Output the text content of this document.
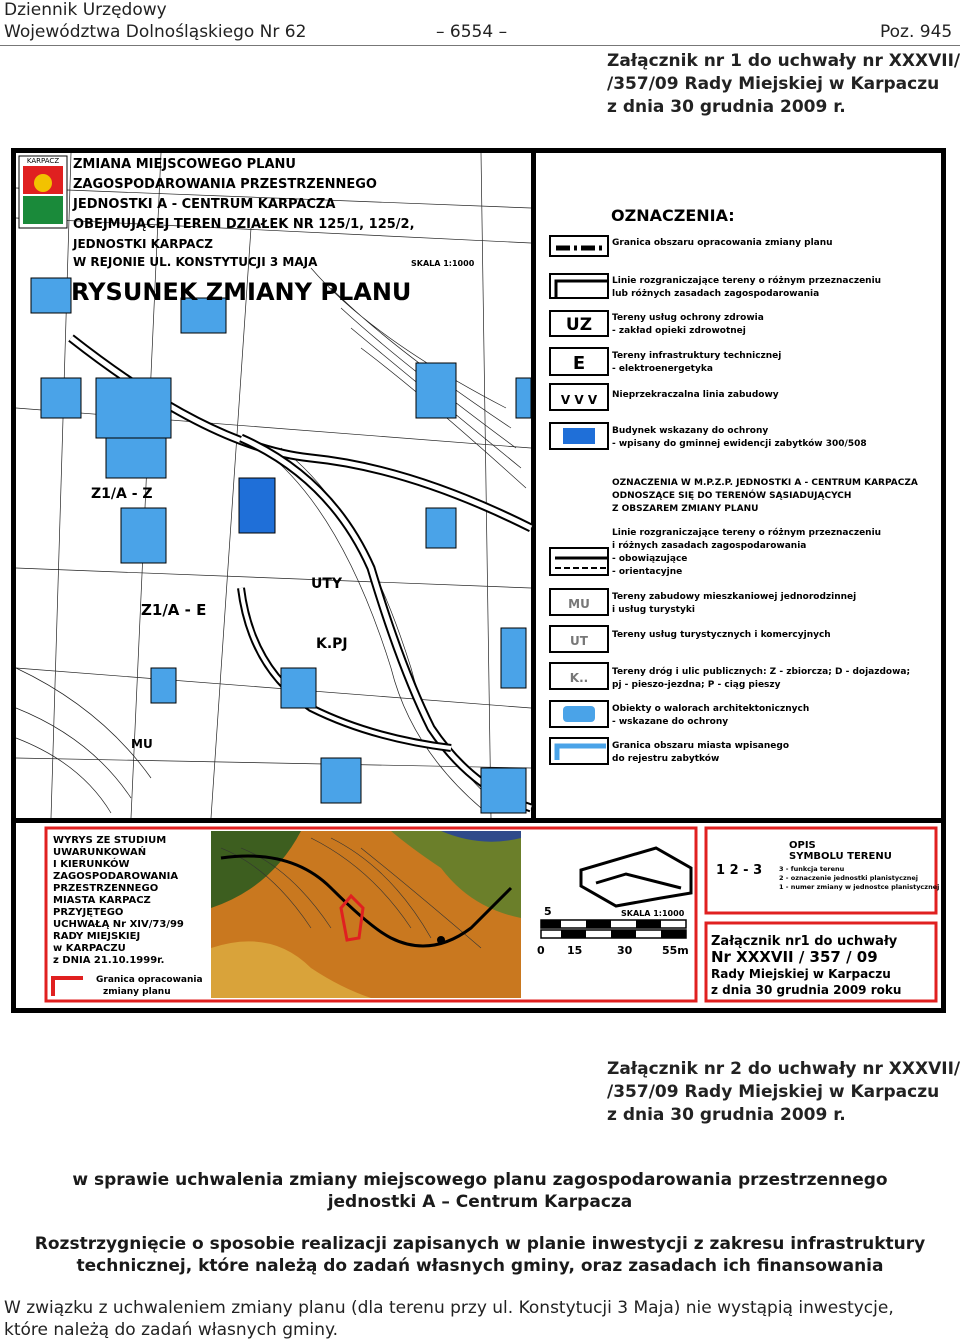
Dziennik Urzędowy
Województwa Dolnośląskiego Nr 62	– 6554 –	Poz. 945
Załącznik nr 1 do uchwały nr XXXVII/
/357/09 Rady Miejskiej w Karpaczu
z dnia 30 grudnia 2009 r.
KARPACZ ZMIANA MIEJSCOWEGO PLANU
ZAGOSPODAROWANIA PRZESTRZENNEGO
JEDNOSTKI A - CENTRUM KARPACZA
OBEJMUJĄCEJ TEREN DZIAŁEK NR 125/1, 125/2,
JEDNOSTKI KARPACZ
W REJONIE UL. KONSTYTUCJI 3 MAJA	SKALA 1:1000
RYSUNEK ZMIANY PLANU
Z1/A - Z
Z1/A - E
UTY
K.PJ
MU
OZNACZENIA:
Granica obszaru opracowania zmiany planu
Linie rozgraniczające tereny o różnym przeznaczeniu
lub różnych zasadach zagospodarowania
UZ Tereny usług ochrony zdrowia
- zakład opieki zdrowotnej
E	Tereny infrastruktury technicznej
- elektroenergetyka
V V V Nieprzekraczalna linia zabudowy
Budynek wskazany do ochrony
- wpisany do gminnej ewidencji zabytków 300/508
OZNACZENIA W M.P.Z.P. JEDNOSTKI A - CENTRUM KARPACZA
ODNOSZĄCE SIĘ DO TERENÓW SĄSIADUJĄCYCH
Z OBSZAREM ZMIANY PLANU
Linie rozgraniczające tereny o różnym przeznaczeniu
i różnych zasadach zagospodarowania
- obowiązujące
- orientacyjne
MU Tereny zabudowy mieszkaniowej jednorodzinnej
i usług turystyki
UT	Tereny usług turystycznych i komercyjnych
K..	Tereny dróg i ulic publicznych: Z - zbiorcza; D - dojazdowa;
pj - pieszo-jezdna; P - ciąg pieszy
Obiekty o walorach architektonicznych
- wskazane do ochrony
Granica obszaru miasta wpisanego
do rejestru zabytków
WYRYS ZE STUDIUM
UWARUNKOWAŃ
I KIERUNKÓW
ZAGOSPODAROWANIA
PRZESTRZENNEGO
MIASTA KARPACZ
PRZYJĘTEGO
UCHWAŁĄ Nr XIV/73/99
RADY MIEJSKIEJ
w KARPACZU
z DNIA 21.10.1999r.
Granica opracowania
zmiany planu
5	SKALA 1:1000
0 15	30	55m
OPIS
SYMBOLU TERENU
1 2 - 3	3 - funkcja terenu
2 - oznaczenie jednostki planistycznej
1 - numer zmiany w jednostce planistycznej
Załącznik nr1 do uchwały
Nr XXXVII / 357 / 09
Rady Miejskiej w Karpaczu
z dnia 30 grudnia 2009 roku
Załącznik nr 2 do uchwały nr XXXVII/
/357/09 Rady Miejskiej w Karpaczu
z dnia 30 grudnia 2009 r.
w sprawie uchwalenia zmiany miejscowego planu zagospodarowania przestrzennego
jednostki A – Centrum Karpacza
Rozstrzygnięcie o sposobie realizacji zapisanych w planie inwestycji z zakresu infrastruktury
technicznej, które należą do zadań własnych gminy, oraz zasadach ich finansowania
W związku z uchwaleniem zmiany planu (dla terenu przy ul. Konstytucji 3 Maja) nie wystąpią inwestycje,
które należą do zadań własnych gminy.
